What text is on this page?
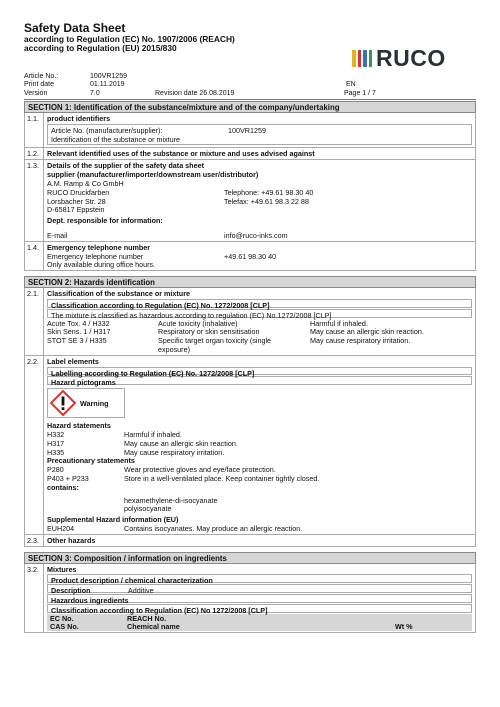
Safety Data Sheet
according to Regulation (EC) No. 1907/2006 (REACH)
according to Regulation (EU) 2015/830	RUCO
Article No.:	100VR1259
Print date	01.11.2019	EN
Version	7.0	Revision date 26.08.2019	Page 1 / 7
SECTION 1: Identification of the substance/mixture and of the company/undertaking
1.1.	product identifiers
Article No. (manufacturer/supplier):	100VR1259
Identification of the substance or mixture
1.2.	Relevant identified uses of the substance or mixture and uses advised against
1.3.	Details of the supplier of the safety data sheet
supplier (manufacturer/importer/downstream user/distributor)
A.M. Ramp & Co GmbH
RUCO Druckfarben	Telephone: +49.61 98.30 40
Lorsbacher Str. 28	Telefax: +49.61 98.3 22 88
D-65817 Eppstein
Dept. responsible for information:
E-mail	info@ruco-inks.com
1.4.	Emergency telephone number
Emergency telephone number	+49.61 98.30 40
Only available during office hours.
SECTION 2: Hazards identification
2.1.	Classification of the substance or mixture
Classification according to Regulation (EC) No. 1272/2008 [CLP]
The mixture is classified as hazardous according to regulation (EC) No.1272/2008 [CLP]
Acute Tox. 4 / H332	Acute toxicity (inhalative)	Harmful if inhaled.
Skin Sens. 1 / H317	Respiratory or skin sensitisation	May cause an allergic skin reaction.
STOT SE 3 / H335	Specific target organ toxicity (single	May cause respiratory irritation.
exposure)
2.2.	Label elements
Labelling according to Regulation (EC) No. 1272/2008 [CLP]
Hazard pictograms
Warning
Hazard statements
H332	Harmful if inhaled.
H317	May cause an allergic skin reaction.
H335	May cause respiratory irritation.
Precautionary statements
P280	Wear protective gloves and eye/face protection.
P403 + P233	Store in a well-ventilated place. Keep container tightly closed.
contains:
hexamethylene-di-isocyanate
polyisocyanate
Supplemental Hazard information (EU)
EUH204	Contains isocyanates. May produce an allergic reaction.
2.3.	Other hazards
SECTION 3: Composition / information on ingredients
3.2.	Mixtures
Product description / chemical characterization
Description	Additive
Hazardous ingredients
Classification according to Regulation (EC) No 1272/2008 [CLP]
EC No.	REACH No.
CAS No.	Chemical name	Wt %
